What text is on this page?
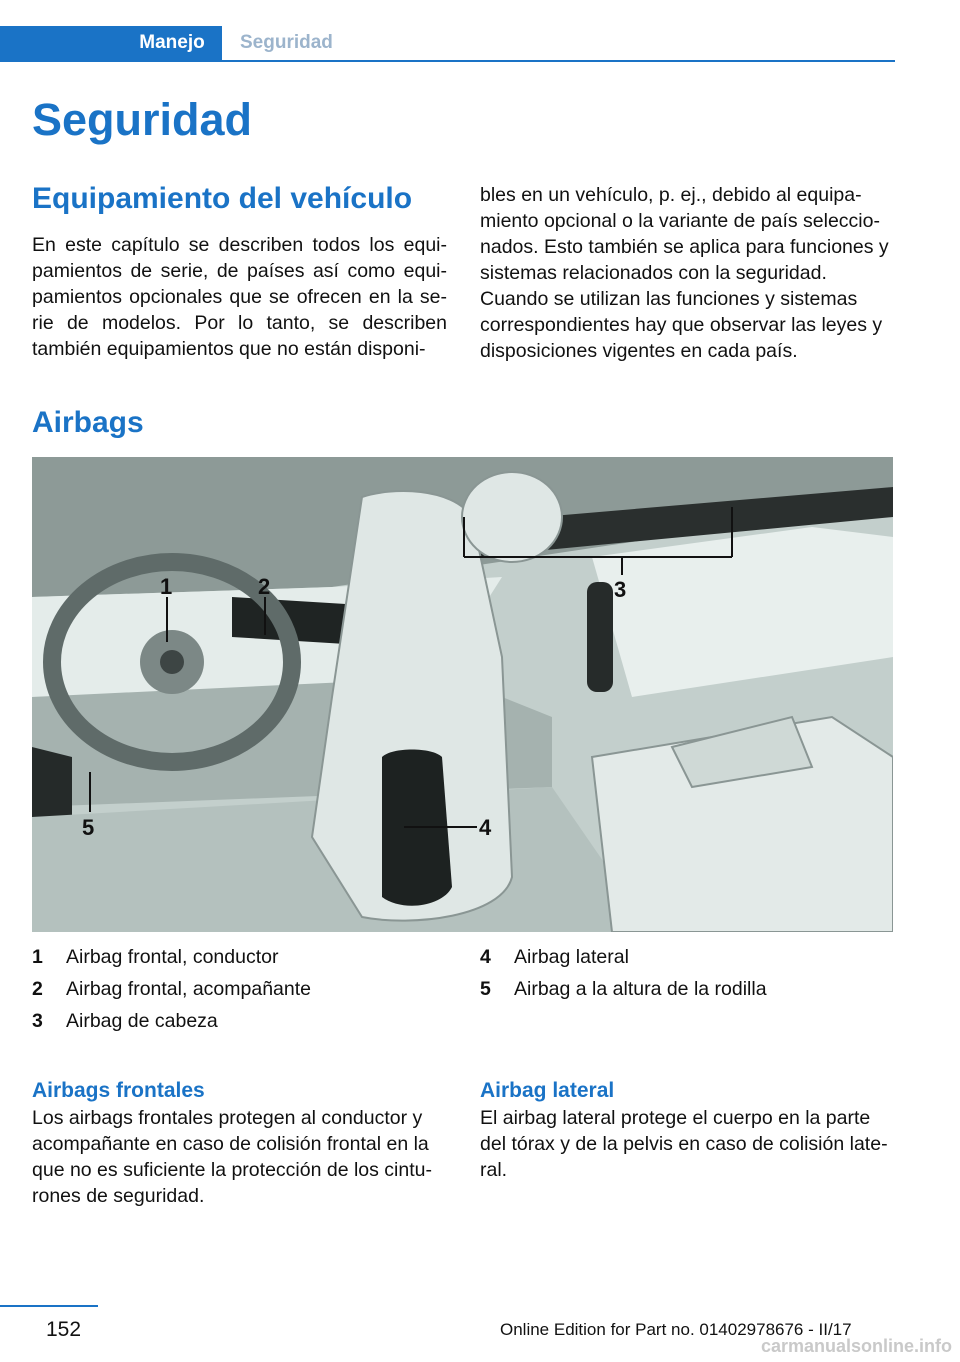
Manejo	Seguridad
Seguridad
Equipamiento del vehículo

En este capítulo se describen todos los equi- pamientos de serie, de países así como equi- pamientos opcionales que se ofrecen en la se- rie de modelos. Por lo tanto, se describen también equipamientos que no están disponi-

bles en un vehículo, p. ej., debido al equipa- miento opcional o la variante de país seleccio- nados. Esto también se aplica para funciones y sistemas relacionados con la seguridad. Cuando se utilizan las funciones y sistemas correspondientes hay que observar las leyes y disposiciones vigentes en cada país.

Airbags
1	2	3
4
5
1 Airbag frontal, conductor
2 Airbag frontal, acompañante
3 Airbag de cabeza
4 Airbag lateral
5 Airbag a la altura de la rodilla
Airbags frontales

Los airbags frontales protegen al conductor y acompañante en caso de colisión frontal en la que no es suficiente la protección de los cintu- rones de seguridad.

Airbag lateral

El airbag lateral protege el cuerpo en la parte del tórax y de la pelvis en caso de colisión late- ral.

152	Online Edition for Part no. 01402978676 - II/17
carmanualsonline.info
